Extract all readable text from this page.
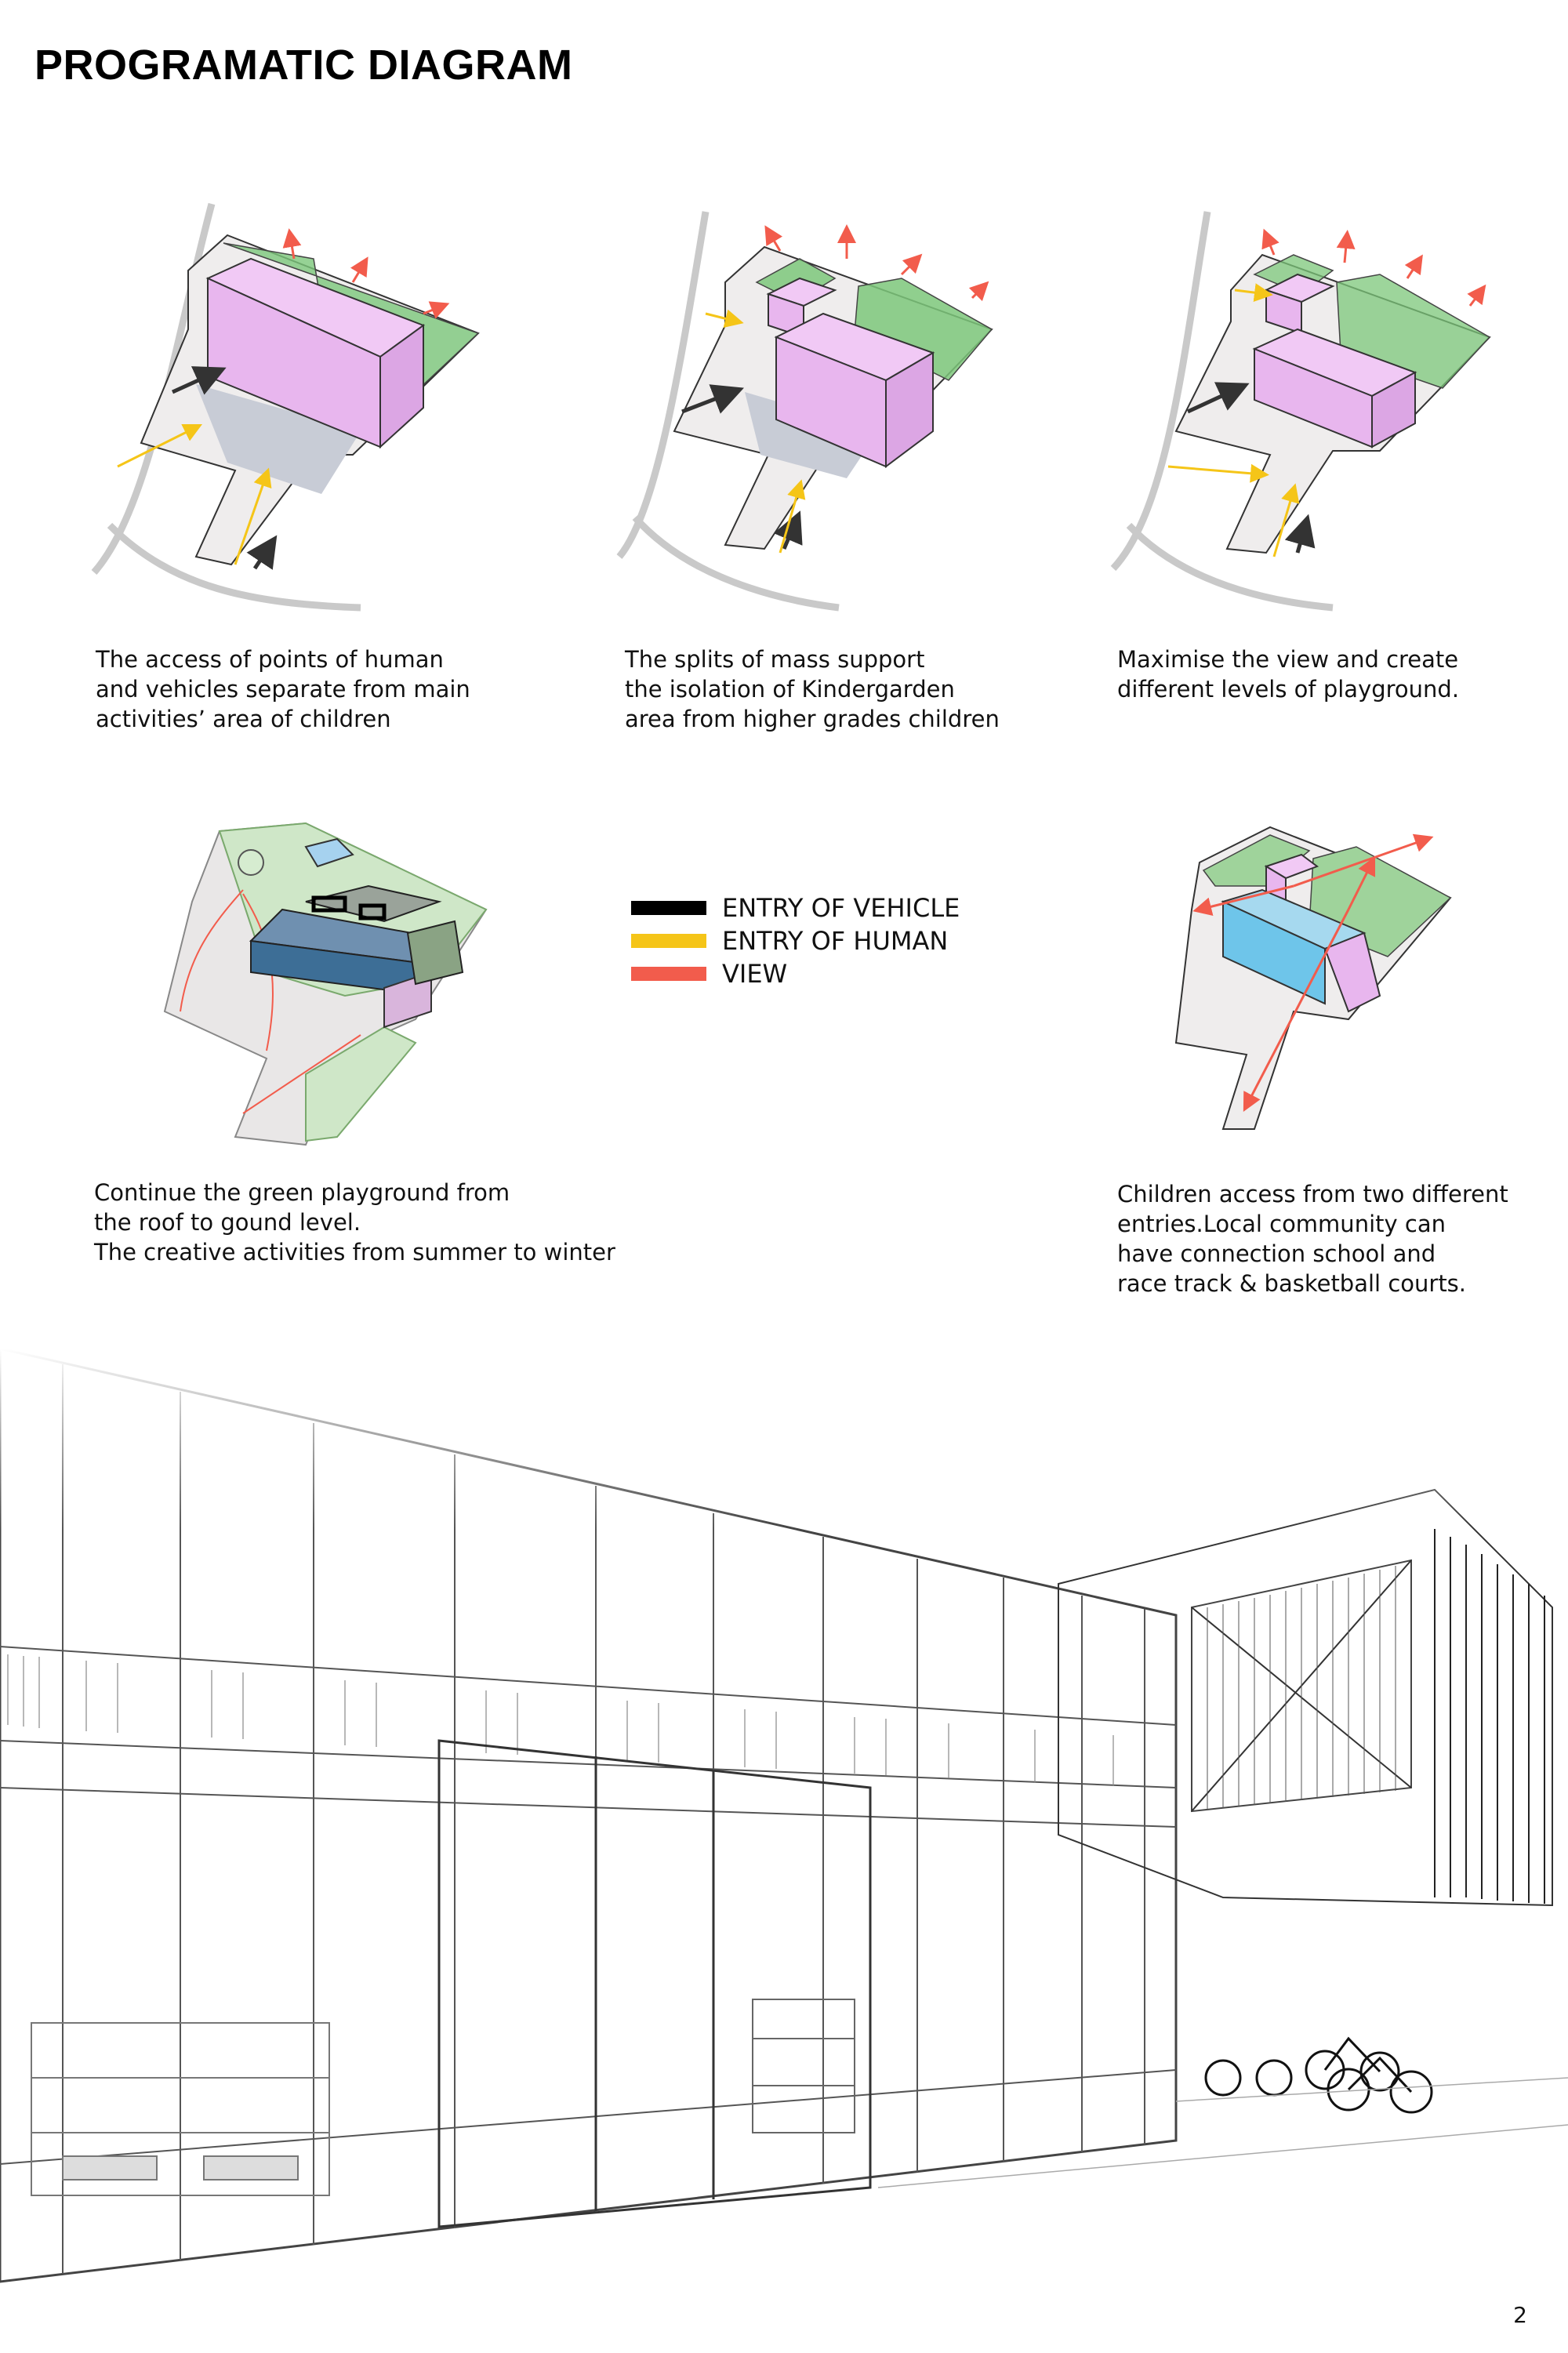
PROGRAMATIC DIAGRAM
The access of points of human
and vehicles separate from main
activities’ area of children
The splits of mass support
the isolation of Kindergarden
area from higher grades children
Maximise the view and create
different levels of playground.
ENTRY OF VEHICLE
ENTRY OF HUMAN
VIEW
Continue the green playground from
the roof to gound level.
The creative activities from summer to winter
Children access from two different
entries.Local community can
have connection school and
race track & basketball courts.
2
